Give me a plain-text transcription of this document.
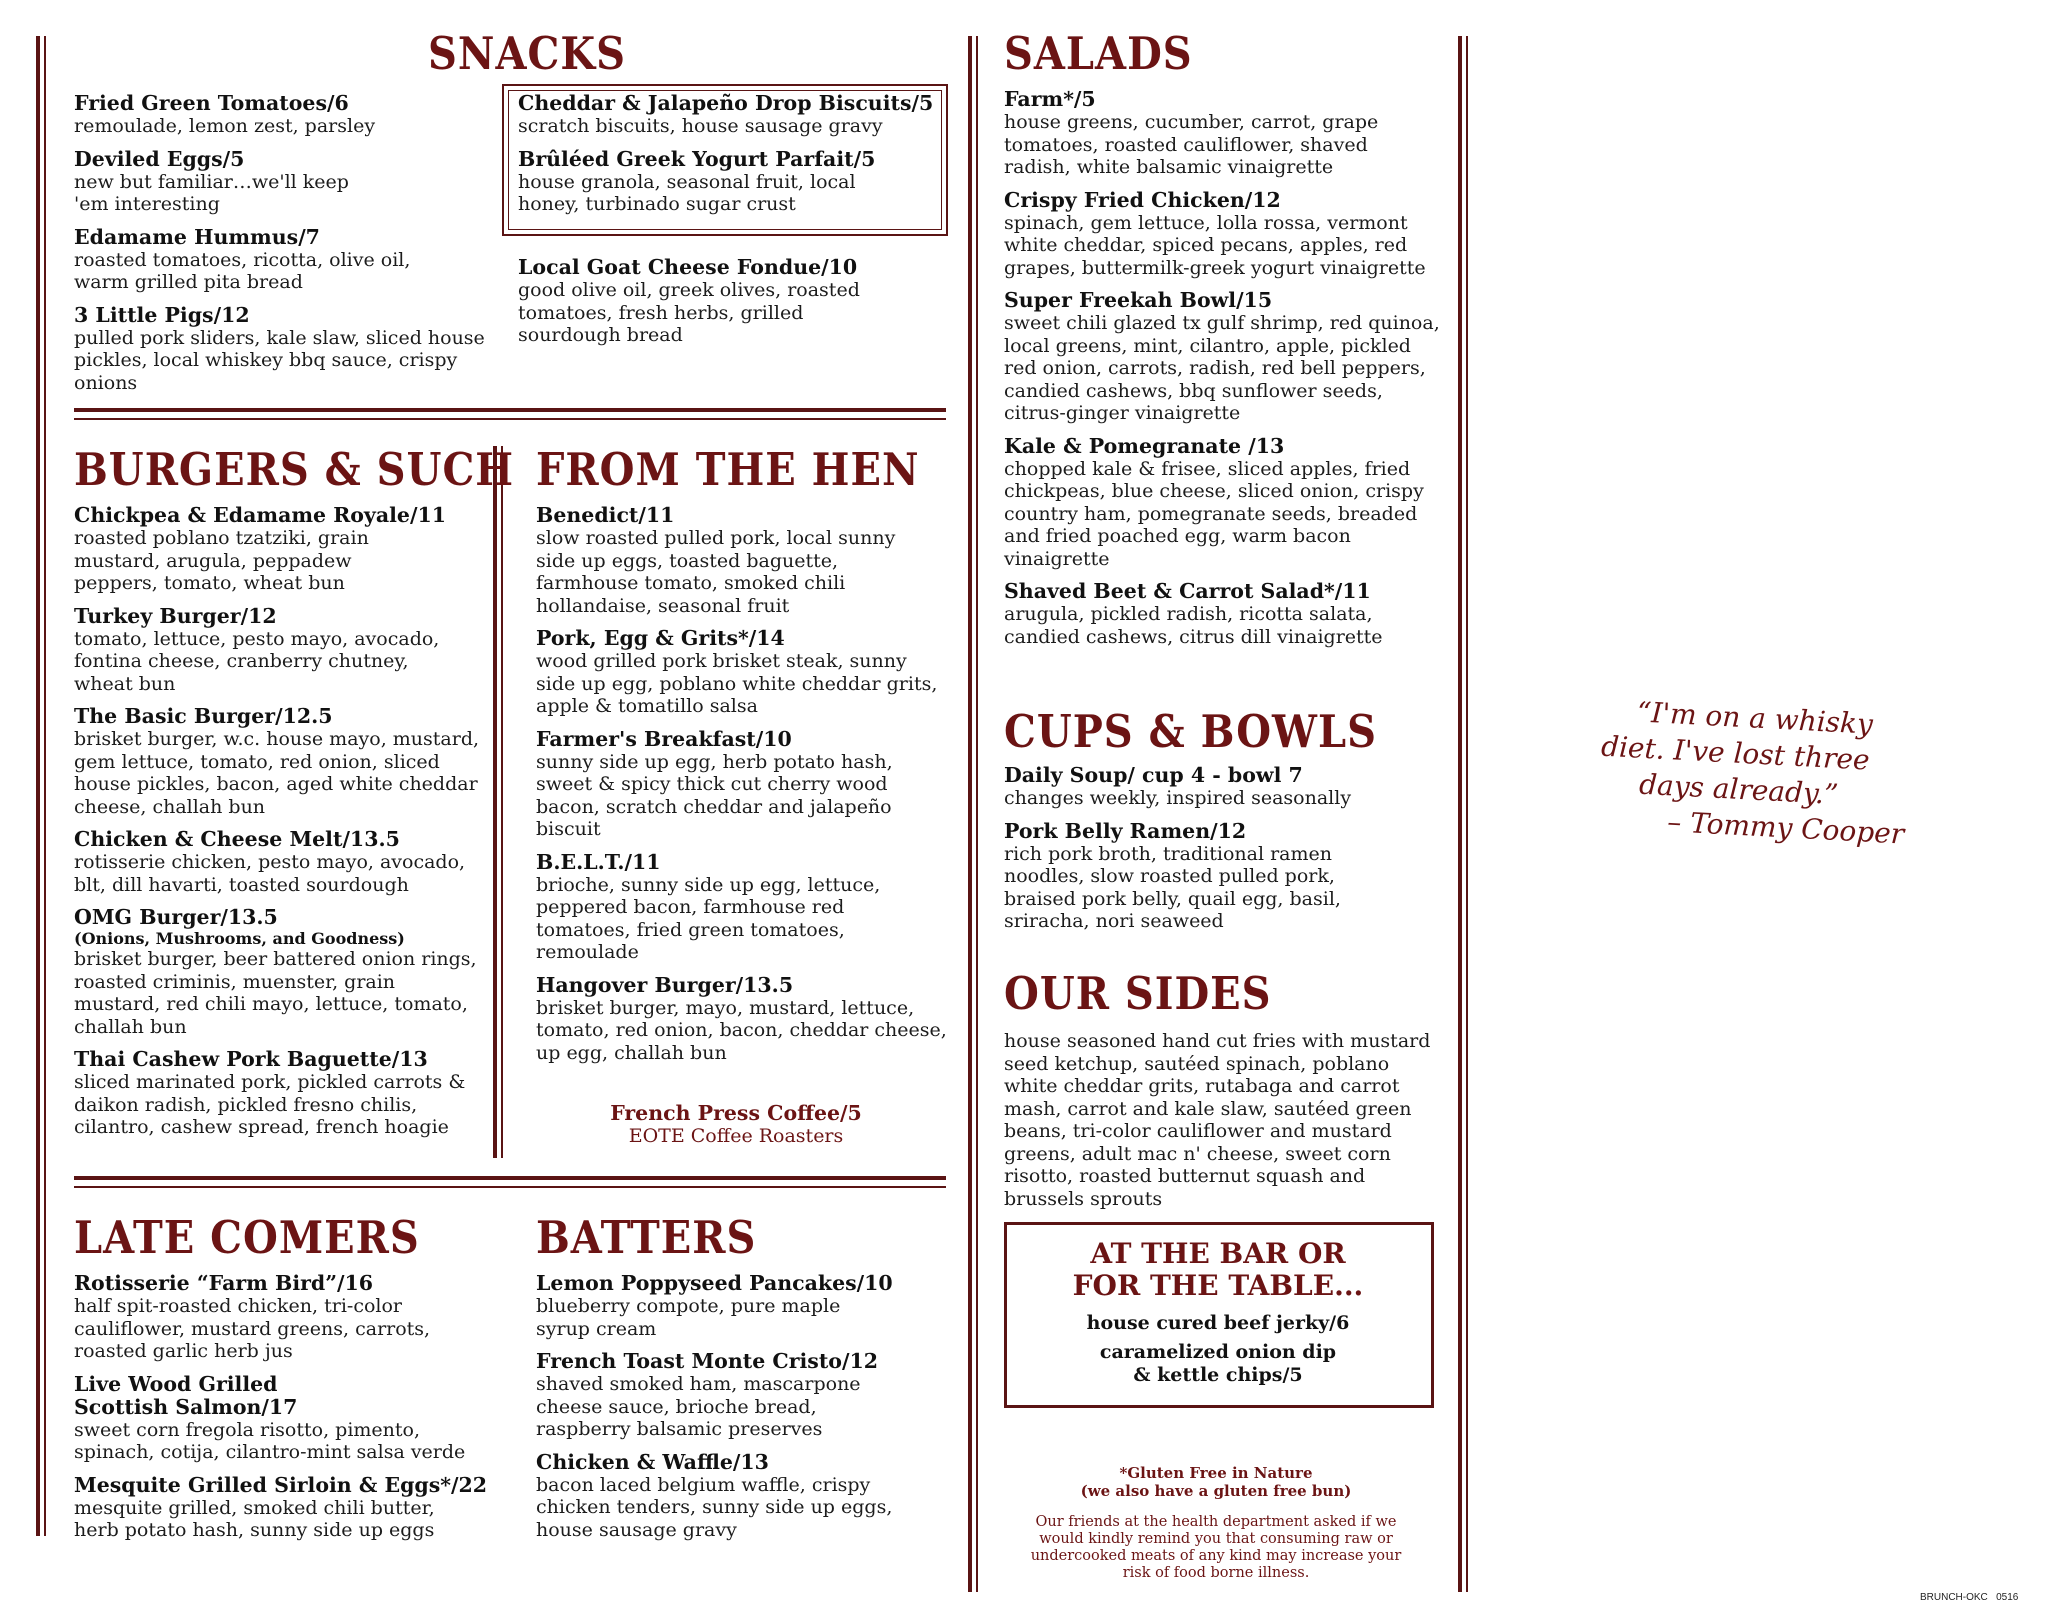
SNACKS
Fried Green Tomatoes/6
remoulade, lemon zest, parsley
Deviled Eggs/5
new but familiar…we'll keep 'em interesting
Edamame Hummus/7
roasted tomatoes, ricotta, olive oil, warm grilled pita bread
3 Little Pigs/12
pulled pork sliders, kale slaw, sliced house pickles, local whiskey bbq sauce, crispy onions
Cheddar & Jalapeño Drop Biscuits/5
scratch biscuits, house sausage gravy
Brûléed Greek Yogurt Parfait/5
house granola, seasonal fruit, local honey, turbinado sugar crust
Local Goat Cheese Fondue/10
good olive oil, greek olives, roasted tomatoes, fresh herbs, grilled sourdough bread
BURGERS & SUCH
Chickpea & Edamame Royale/11
roasted poblano tzatziki, grain mustard, arugula, peppadew peppers, tomato, wheat bun
Turkey Burger/12
tomato, lettuce, pesto mayo, avocado, fontina cheese, cranberry chutney, wheat bun
The Basic Burger/12.5
brisket burger, w.c. house mayo, mustard, gem lettuce, tomato, red onion, sliced house pickles, bacon, aged white cheddar cheese, challah bun
Chicken & Cheese Melt/13.5
rotisserie chicken, pesto mayo, avocado, blt, dill havarti, toasted sourdough
OMG Burger/13.5
(Onions, Mushrooms, and Goodness)
brisket burger, beer battered onion rings, roasted criminis, muenster, grain mustard, red chili mayo, lettuce, tomato, challah bun
Thai Cashew Pork Baguette/13
sliced marinated pork, pickled carrots & daikon radish, pickled fresno chilis, cilantro, cashew spread, french hoagie
FROM THE HEN
Benedict/11
slow roasted pulled pork, local sunny side up eggs, toasted baguette, farmhouse tomato, smoked chili hollandaise, seasonal fruit
Pork, Egg & Grits*/14
wood grilled pork brisket steak, sunny side up egg, poblano white cheddar grits, apple & tomatillo salsa
Farmer's Breakfast/10
sunny side up egg, herb potato hash, sweet & spicy thick cut cherry wood bacon, scratch cheddar and jalapeño biscuit
B.E.L.T./11
brioche, sunny side up egg, lettuce, peppered bacon, farmhouse red tomatoes, fried green tomatoes, remoulade
Hangover Burger/13.5
brisket burger, mayo, mustard, lettuce, tomato, red onion, bacon, cheddar cheese, up egg, challah bun
French Press Coffee/5
EOTE Coffee Roasters
LATE COMERS
Rotisserie “Farm Bird”/16
half spit-roasted chicken, tri-color cauliflower, mustard greens, carrots, roasted garlic herb jus
Live Wood Grilled Scottish Salmon/17
sweet corn fregola risotto, pimento, spinach, cotija, cilantro-mint salsa verde
Mesquite Grilled Sirloin & Eggs*/22
mesquite grilled, smoked chili butter, herb potato hash, sunny side up eggs
BATTERS
Lemon Poppyseed Pancakes/10
blueberry compote, pure maple syrup cream
French Toast Monte Cristo/12
shaved smoked ham, mascarpone cheese sauce, brioche bread, raspberry balsamic preserves
Chicken & Waffle/13
bacon laced belgium waffle, crispy chicken tenders, sunny side up eggs, house sausage gravy
SALADS
Farm*/5
house greens, cucumber, carrot, grape tomatoes, roasted cauliflower, shaved radish, white balsamic vinaigrette
Crispy Fried Chicken/12
spinach, gem lettuce, lolla rossa, vermont white cheddar, spiced pecans, apples, red grapes, buttermilk-greek yogurt vinaigrette
Super Freekah Bowl/15
sweet chili glazed tx gulf shrimp, red quinoa, local greens, mint, cilantro, apple, pickled red onion, carrots, radish, red bell peppers, candied cashews, bbq sunflower seeds, citrus-ginger vinaigrette
Kale & Pomegranate /13
chopped kale & frisee, sliced apples, fried chickpeas, blue cheese, sliced onion, crispy country ham, pomegranate seeds, breaded and fried poached egg, warm bacon vinaigrette
Shaved Beet & Carrot Salad*/11
arugula, pickled radish, ricotta salata, candied cashews, citrus dill vinaigrette
CUPS & BOWLS
Daily Soup/ cup 4 - bowl 7
changes weekly, inspired seasonally
Pork Belly Ramen/12
rich pork broth, traditional ramen noodles, slow roasted pulled pork, braised pork belly, quail egg, basil, sriracha, nori seaweed
OUR SIDES
house seasoned hand cut fries with mustard seed ketchup, sautéed spinach, poblano white cheddar grits, rutabaga and carrot mash, carrot and kale slaw, sautéed green beans, tri-color cauliflower and mustard greens, adult mac n' cheese, sweet corn risotto, roasted butternut squash and brussels sprouts
AT THE BAR OR
FOR THE TABLE...
house cured beef jerky/6
caramelized onion dip
& kettle chips/5
*Gluten Free in Nature
(we also have a gluten free bun)
Our friends at the health department asked if we would kindly remind you that consuming raw or undercooked meats of any kind may increase your risk of food borne illness.
“I'm on a whisky
diet. I've lost three
days already.”
– Tommy Cooper
BRUNCH-OKC   0516
